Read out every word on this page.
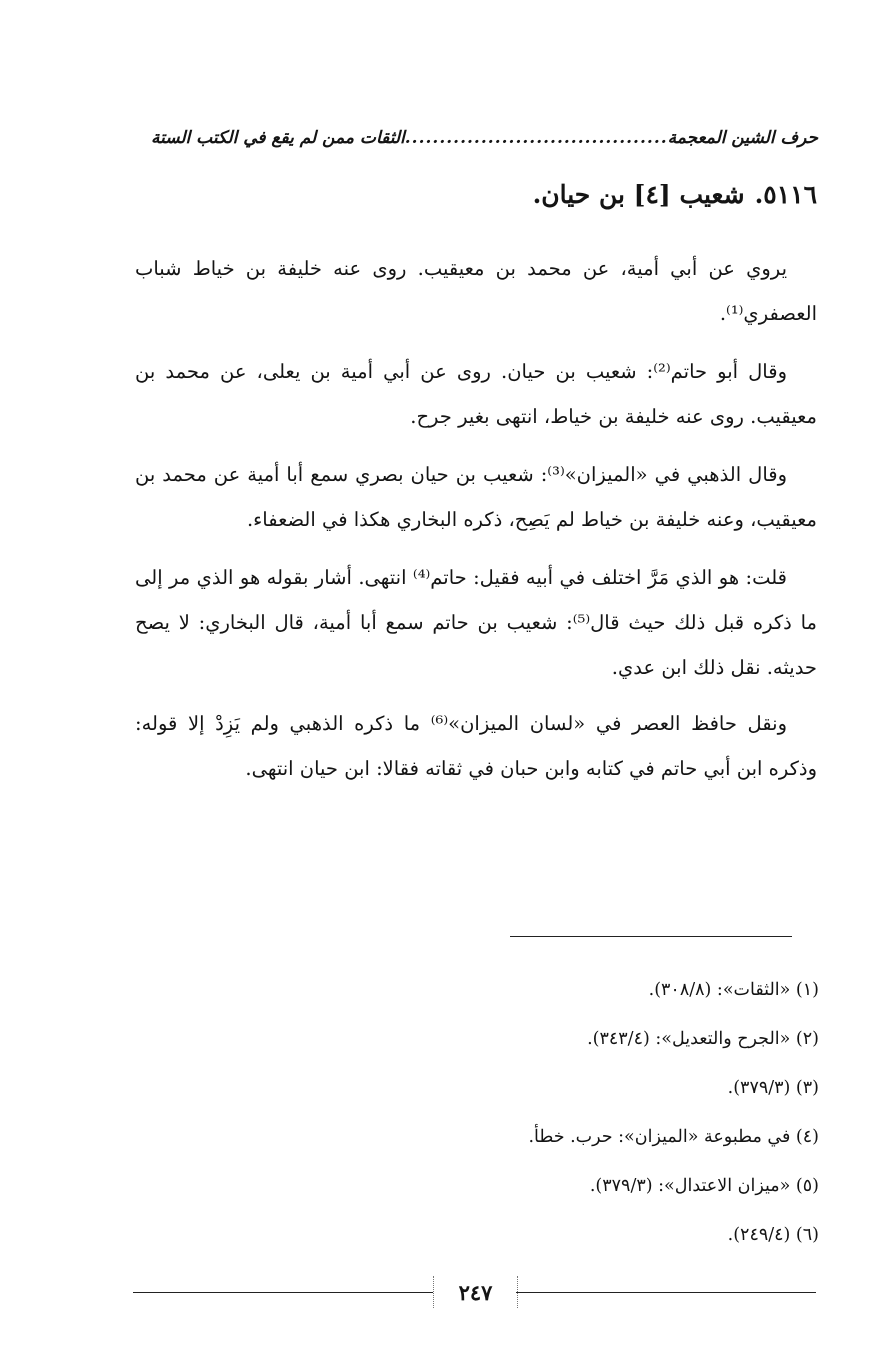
حرف الشين المعجمة
......................................
الثقات ممن لم يقع في الكتب الستة
٥١١٦.شعيب [٤] بن حيان.

يروي عن أبي أمية، عن محمد بن معيقيب. روى عنه خليفة بن خياط شباب العصفري⁽¹⁾.

وقال أبو حاتم⁽²⁾: شعيب بن حيان. روى عن أبي أمية بن يعلى، عن محمد بن معيقيب. روى عنه خليفة بن خياط، انتهى بغير جرح.

وقال الذهبي في «الميزان»⁽³⁾: شعيب بن حيان بصري سمع أبا أمية عن محمد بن معيقيب، وعنه خليفة بن خياط لم يَصِح، ذكره البخاري هكذا في الضعفاء.

قلت: هو الذي مَرَّ اختلف في أبيه فقيل: حاتم⁽⁴⁾ انتهى. أشار بقوله هو الذي مر إلى ما ذكره قبل ذلك حيث قال⁽⁵⁾: شعيب بن حاتم سمع أبا أمية، قال البخاري: لا يصح حديثه. نقل ذلك ابن عدي.

ونقل حافظ العصر في «لسان الميزان»⁽⁶⁾ ما ذكره الذهبي ولم يَزِدْ إلا قوله: وذكره ابن أبي حاتم في كتابه وابن حبان في ثقاته فقالا: ابن حيان انتهى.

(١) «الثقات»: (٣٠٨/٨).
(٢) «الجرح والتعديل»: (٣٤٣/٤).
(٣) (٣٧٩/٣).
(٤) في مطبوعة «الميزان»: حرب. خطأ.
(٥) «ميزان الاعتدال»: (٣٧٩/٣).
(٦) (٢٤٩/٤).
٢٤٧
